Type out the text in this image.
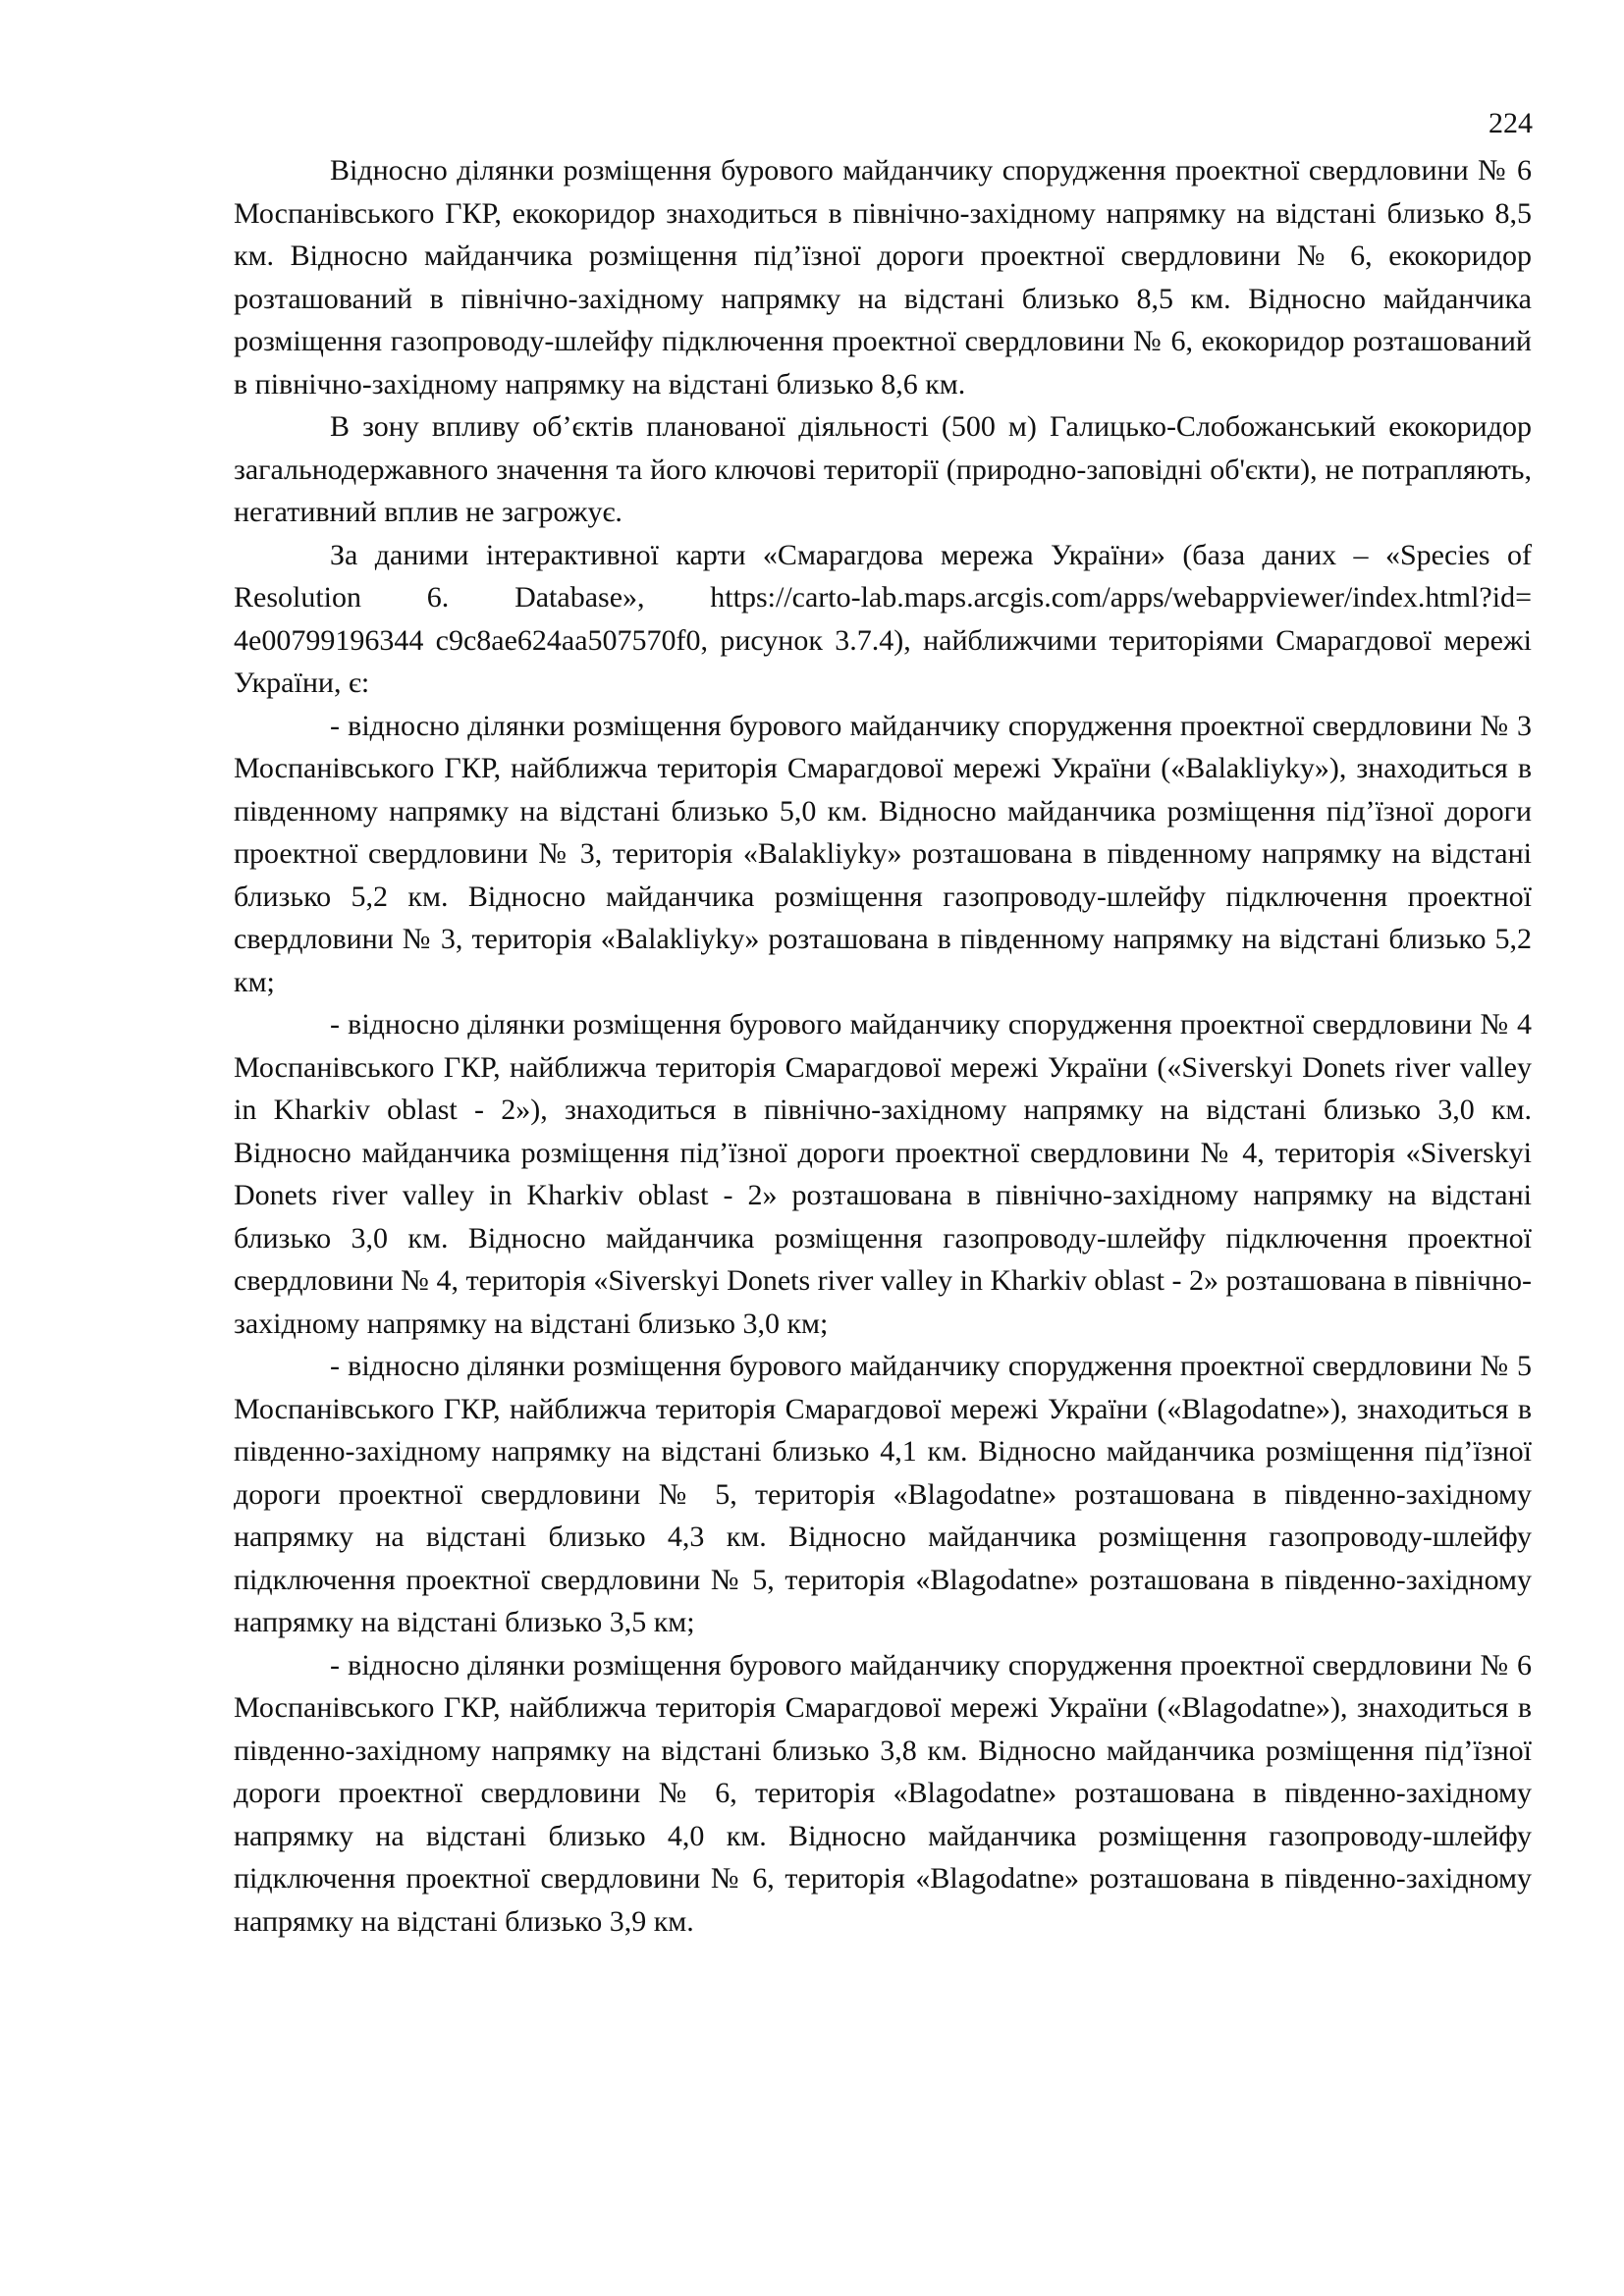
224

Відносно ділянки розміщення бурового майданчику спорудження проектної свердловини № 6 Моспанівського ГКР, екокоридор знаходиться в північно-західному напрямку на відстані близько 8,5 км. Відносно майданчика розміщення під’їзної дороги проектної свердловини № 6, екокоридор розташований в північно-західному напрямку на відстані близько 8,5 км. Відносно майданчика розміщення газопроводу-шлейфу підключення проектної свердловини № 6, екокоридор розташований в північно-західному напрямку на відстані близько 8,6 км.

В зону впливу об’єктів планованої діяльності (500 м) Галицько-Слобожанський екокоридор загальнодержавного значення та його ключові території (природно-заповідні об'єкти), не потрапляють, негативний вплив не загрожує.

За даними інтерактивної карти «Смарагдова мережа України» (база даних – «Species of Resolution 6. Database», https://carto-lab.maps.arcgis.com/apps/webappviewer/index.html?id= 4e00799196344 c9c8ae624aa507570f0, рисунок 3.7.4), найближчими територіями Смарагдової мережі України, є:

- відносно ділянки розміщення бурового майданчику спорудження проектної свердловини № 3 Моспанівського ГКР, найближча територія Смарагдової мережі України («Balakliyky»), знаходиться в південному напрямку на відстані близько 5,0 км. Відносно майданчика розміщення під’їзної дороги проектної свердловини № 3, територія «Balakliyky» розташована в південному напрямку на відстані близько 5,2 км. Відносно майданчика розміщення газопроводу-шлейфу підключення проектної свердловини № 3, територія «Balakliyky» розташована в південному напрямку на відстані близько 5,2 км;

- відносно ділянки розміщення бурового майданчику спорудження проектної свердловини № 4 Моспанівського ГКР, найближча територія Смарагдової мережі України («Siverskyi Donets river valley in Kharkiv oblast - 2»), знаходиться в північно-західному напрямку на відстані близько 3,0 км. Відносно майданчика розміщення під’їзної дороги проектної свердловини № 4, територія «Siverskyi Donets river valley in Kharkiv oblast - 2» розташована в північно-західному напрямку на відстані близько 3,0 км. Відносно майданчика розміщення газопроводу-шлейфу підключення проектної свердловини № 4, територія «Siverskyi Donets river valley in Kharkiv oblast - 2» розташована в північно-західному напрямку на відстані близько 3,0 км;

- відносно ділянки розміщення бурового майданчику спорудження проектної свердловини № 5 Моспанівського ГКР, найближча територія Смарагдової мережі України («Blagodatne»), знаходиться в південно-західному напрямку на відстані близько 4,1 км. Відносно майданчика розміщення під’їзної дороги проектної свердловини № 5, територія «Blagodatne» розташована в південно-західному напрямку на відстані близько 4,3 км. Відносно майданчика розміщення газопроводу-шлейфу підключення проектної свердловини № 5, територія «Blagodatne» розташована в південно-західному напрямку на відстані близько 3,5 км;

- відносно ділянки розміщення бурового майданчику спорудження проектної свердловини № 6 Моспанівського ГКР, найближча територія Смарагдової мережі України («Blagodatne»), знаходиться в південно-західному напрямку на відстані близько 3,8 км. Відносно майданчика розміщення під’їзної дороги проектної свердловини № 6, територія «Blagodatne» розташована в південно-західному напрямку на відстані близько 4,0 км. Відносно майданчика розміщення газопроводу-шлейфу підключення проектної свердловини № 6, територія «Blagodatne» розташована в південно-західному напрямку на відстані близько 3,9 км.
